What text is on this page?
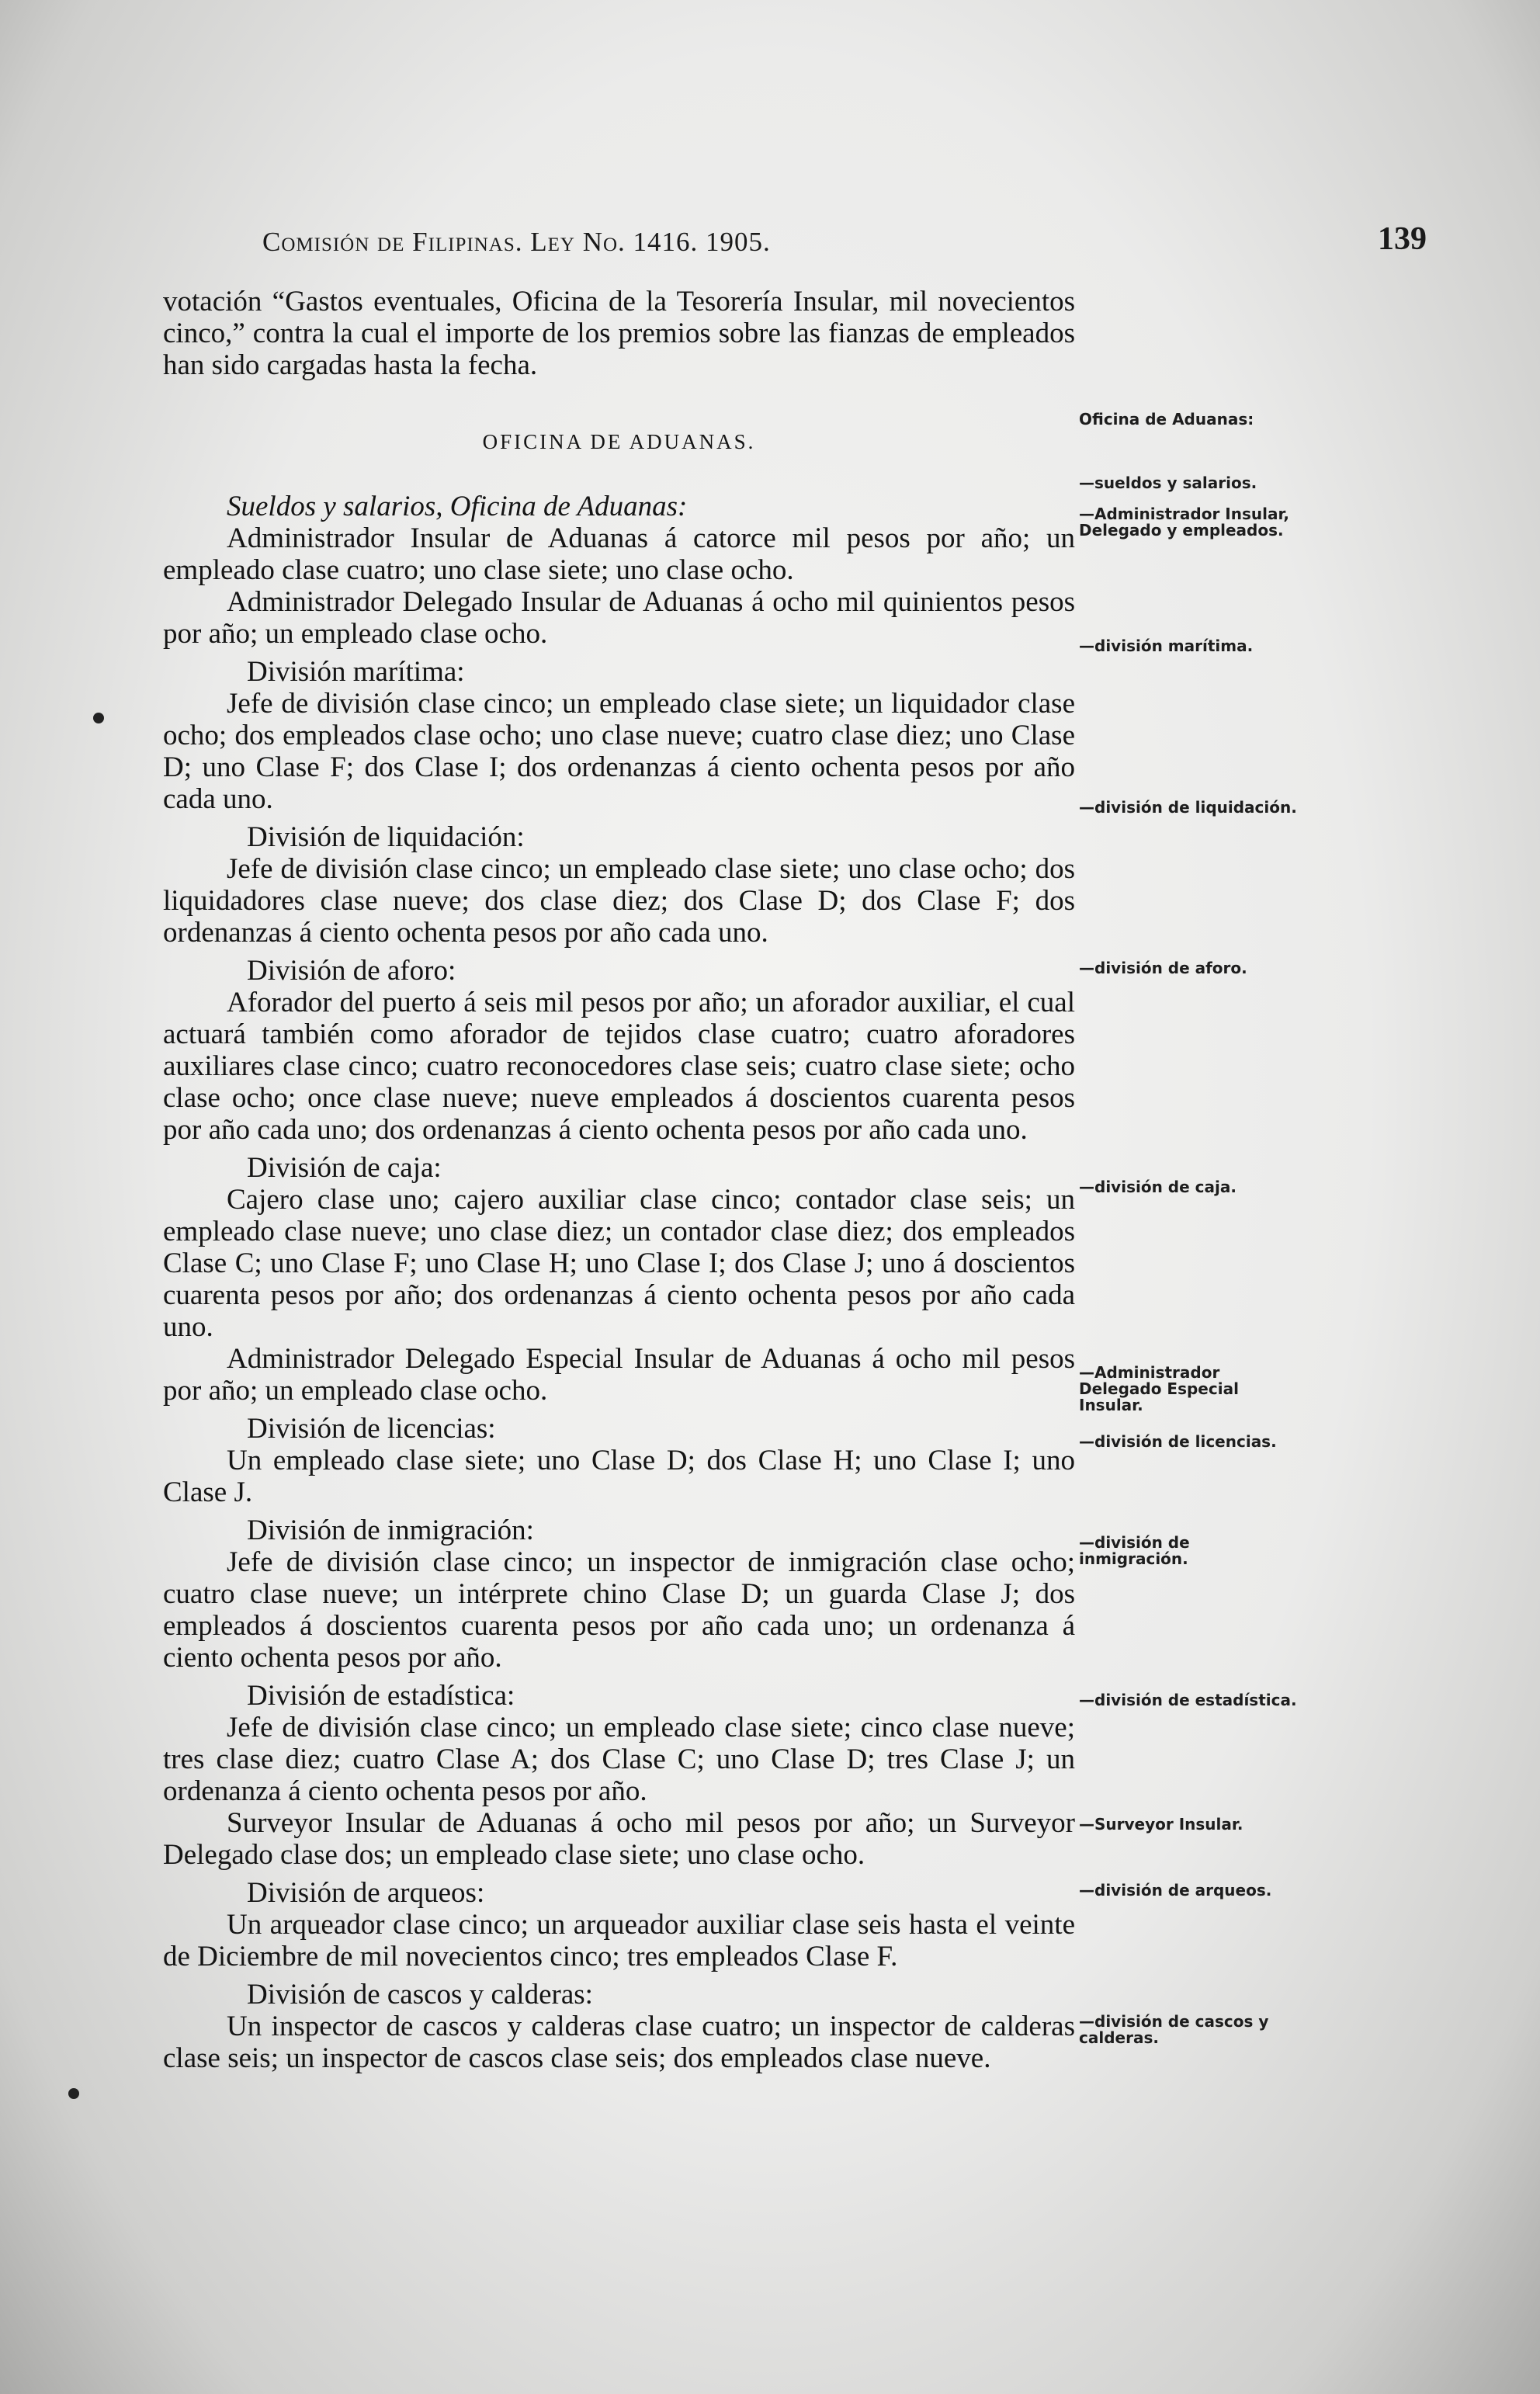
Comisión de Filipinas. Ley No. 1416. 1905.	139

votación “Gastos eventuales, Oficina de la Tesorería Insular, mil novecientos cinco,” contra la cual el importe de los premios sobre las fianzas de empleados han sido cargadas hasta la fecha.

OFICINA DE ADUANAS.

Sueldos y salarios, Oficina de Aduanas:

Administrador Insular de Aduanas á catorce mil pesos por año; un empleado clase cuatro; uno clase siete; uno clase ocho.

Administrador Delegado Insular de Aduanas á ocho mil quinientos pesos por año; un empleado clase ocho.

División marítima:

Jefe de división clase cinco; un empleado clase siete; un liquidador clase ocho; dos empleados clase ocho; uno clase nueve; cuatro clase diez; uno Clase D; uno Clase F; dos Clase I; dos ordenanzas á ciento ochenta pesos por año cada uno.

División de liquidación:

Jefe de división clase cinco; un empleado clase siete; uno clase ocho; dos liquidadores clase nueve; dos clase diez; dos Clase D; dos Clase F; dos ordenanzas á ciento ochenta pesos por año cada uno.

División de aforo:

Aforador del puerto á seis mil pesos por año; un aforador auxiliar, el cual actuará también como aforador de tejidos clase cuatro; cuatro aforadores auxiliares clase cinco; cuatro reconocedores clase seis; cuatro clase siete; ocho clase ocho; once clase nueve; nueve empleados á doscientos cuarenta pesos por año cada uno; dos ordenanzas á ciento ochenta pesos por año cada uno.

División de caja:

Cajero clase uno; cajero auxiliar clase cinco; contador clase seis; un empleado clase nueve; uno clase diez; un contador clase diez; dos empleados Clase C; uno Clase F; uno Clase H; uno Clase I; dos Clase J; uno á doscientos cuarenta pesos por año; dos ordenanzas á ciento ochenta pesos por año cada uno.

Administrador Delegado Especial Insular de Aduanas á ocho mil pesos por año; un empleado clase ocho.

División de licencias:

Un empleado clase siete; uno Clase D; dos Clase H; uno Clase I; uno Clase J.

División de inmigración:

Jefe de división clase cinco; un inspector de inmigración clase ocho; cuatro clase nueve; un intérprete chino Clase D; un guarda Clase J; dos empleados á doscientos cuarenta pesos por año cada uno; un ordenanza á ciento ochenta pesos por año.

División de estadística:

Jefe de división clase cinco; un empleado clase siete; cinco clase nueve; tres clase diez; cuatro Clase A; dos Clase C; uno Clase D; tres Clase J; un ordenanza á ciento ochenta pesos por año.

Surveyor Insular de Aduanas á ocho mil pesos por año; un Surveyor Delegado clase dos; un empleado clase siete; uno clase ocho.

División de arqueos:

Un arqueador clase cinco; un arqueador auxiliar clase seis hasta el veinte de Diciembre de mil novecientos cinco; tres empleados Clase F.

División de cascos y calderas:

Un inspector de cascos y calderas clase cuatro; un inspector de calderas clase seis; un inspector de cascos clase seis; dos empleados clase nueve.

Oficina de Aduanas:
—sueldos y salarios.
—Administrador Insular, Delegado y empleados.
—división marítima.
—división de liquidación.
—división de aforo.
—división de caja.
—Administrador Delegado Especial Insular.
—división de licencias.
—división de inmigración.
—división de estadística.
—Surveyor Insular.
—división de arqueos.
—división de cascos y calderas.
